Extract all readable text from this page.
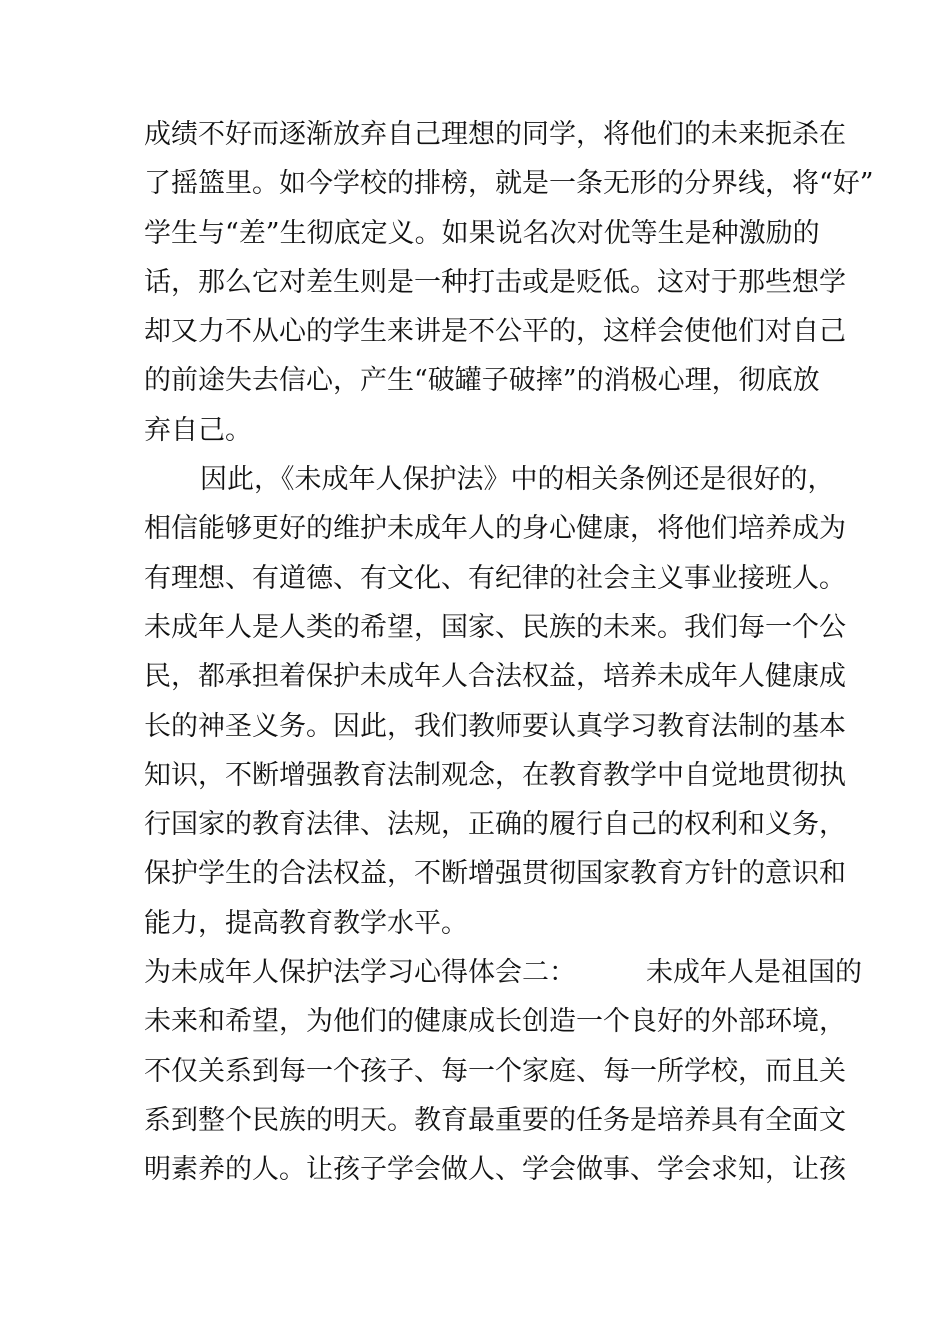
成绩不好而逐渐放弃自己理想的同学，将他们的未来扼杀在
了摇篮里。如今学校的排榜，就是一条无形的分界线，将“好”
学生与“差”生彻底定义。如果说名次对优等生是种激励的
话，那么它对差生则是一种打击或是贬低。这对于那些想学
却又力不从心的学生来讲是不公平的，这样会使他们对自己
的前途失去信心，产生“破罐子破摔”的消极心理，彻底放
弃自己。
因此，《未成年人保护法》中的相关条例还是很好的，
相信能够更好的维护未成年人的身心健康，将他们培养成为
有理想、有道德、有文化、有纪律的社会主义事业接班人。
未成年人是人类的希望，国家、民族的未来。我们每一个公
民，都承担着保护未成年人合法权益，培养未成年人健康成
长的神圣义务。因此，我们教师要认真学习教育法制的基本
知识，不断增强教育法制观念，在教育教学中自觉地贯彻执
行国家的教育法律、法规，正确的履行自己的权利和义务，
保护学生的合法权益，不断增强贯彻国家教育方针的意识和
能力，提高教育教学水平。
为未成年人保护法学习心得体会二：	未成年人是祖国的
未来和希望，为他们的健康成长创造一个良好的外部环境，
不仅关系到每一个孩子、每一个家庭、每一所学校，而且关
系到整个民族的明天。教育最重要的任务是培养具有全面文
明素养的人。让孩子学会做人、学会做事、学会求知，让孩
